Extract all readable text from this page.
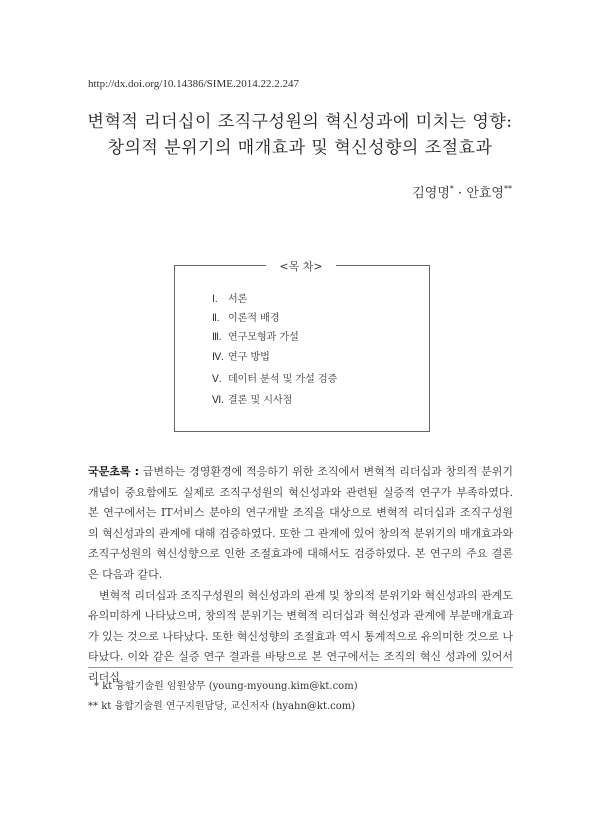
http://dx.doi.org/10.14386/SIME.2014.22.2.247
변혁적 리더십이 조직구성원의 혁신성과에 미치는 영향:
창의적 분위기의 매개효과 및 혁신성향의 조절효과
김영명* · 안효영**
<목 차>
Ⅰ. 서론
Ⅱ. 이론적 배경
Ⅲ. 연구모형과 가설
Ⅳ. 연구 방법
Ⅴ. 데이터 분석 및 가설 검증
Ⅵ. 결론 및 시사점

국문초록 : 급변하는 경영환경에 적응하기 위한 조직에서 변혁적 리더십과 창의적 분위기 개념이 중요함에도 실제로 조직구성원의 혁신성과와 관련된 실증적 연구가 부족하였다. 본 연구에서는 IT서비스 분야의 연구개발 조직을 대상으로 변혁적 리더십과 조직구성원의 혁신성과의 관계에 대해 검증하였다. 또한 그 관계에 있어 창의적 분위기의 매개효과와 조직구성원의 혁신성향으로 인한 조절효과에 대해서도 검증하였다. 본 연구의 주요 결론은 다음과 같다.

변혁적 리더십과 조직구성원의 혁신성과의 관계 및 창의적 분위기와 혁신성과의 관계도 유의미하게 나타났으며, 창의적 분위기는 변혁적 리더십과 혁신성과 관계에 부분매개효과가 있는 것으로 나타났다. 또한 혁신성향의 조절효과 역시 통계적으로 유의미한 것으로 나타났다. 이와 같은 실증 연구 결과를 바탕으로 본 연구에서는 조직의 혁신 성과에 있어서 리더십

* kt 융합기술원 임원상무 (young-myoung.kim@kt.com)
** kt 융합기술원 연구지원담당, 교신저자 (hyahn@kt.com)
